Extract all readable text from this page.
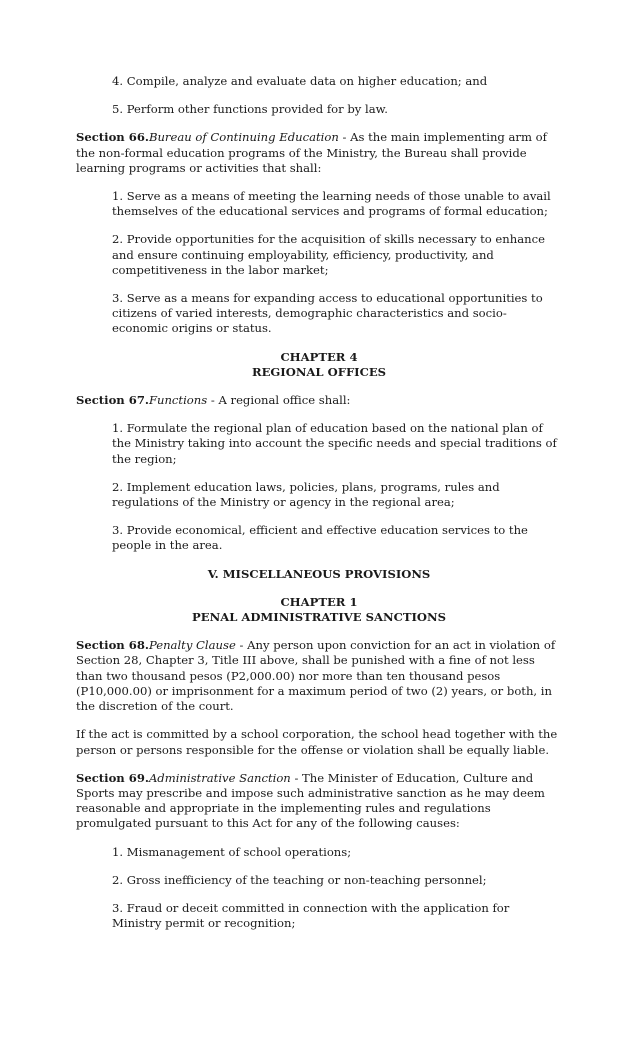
4. Compile, analyze and evaluate data on higher education; and

5. Perform other functions provided for by law.

Section 66.Bureau of Continuing Education - As the main implementing arm of the non-formal education programs of the Ministry, the Bureau shall provide learning programs or activities that shall:

1. Serve as a means of meeting the learning needs of those unable to avail themselves of the educational services and programs of formal education;

2. Provide opportunities for the acquisition of skills necessary to enhance and ensure continuing employability, efficiency, productivity, and competitiveness in the labor market;

3. Serve as a means for expanding access to educational opportunities to citizens of varied interests, demographic characteristics and socio-economic origins or status.

CHAPTER 4
REGIONAL OFFICES

Section 67.Functions - A regional office shall:

1. Formulate the regional plan of education based on the national plan of the Ministry taking into account the specific needs and special traditions of the region;

2. Implement education laws, policies, plans, programs, rules and regulations of the Ministry or agency in the regional area;

3. Provide economical, efficient and effective education services to the people in the area.

V. MISCELLANEOUS PROVISIONS

CHAPTER 1
PENAL ADMINISTRATIVE SANCTIONS

Section 68.Penalty Clause - Any person upon conviction for an act in violation of Section 28, Chapter 3, Title III above, shall be punished with a fine of not less than two thousand pesos (P2,000.00) nor more than ten thousand pesos (P10,000.00) or imprisonment for a maximum period of two (2) years, or both, in the discretion of the court.

If the act is committed by a school corporation, the school head together with the person or persons responsible for the offense or violation shall be equally liable.

Section 69.Administrative Sanction - The Minister of Education, Culture and Sports may prescribe and impose such administrative sanction as he may deem reasonable and appropriate in the implementing rules and regulations promulgated pursuant to this Act for any of the following causes:

1. Mismanagement of school operations;

2. Gross inefficiency of the teaching or non-teaching personnel;

3. Fraud or deceit committed in connection with the application for Ministry permit or recognition;
